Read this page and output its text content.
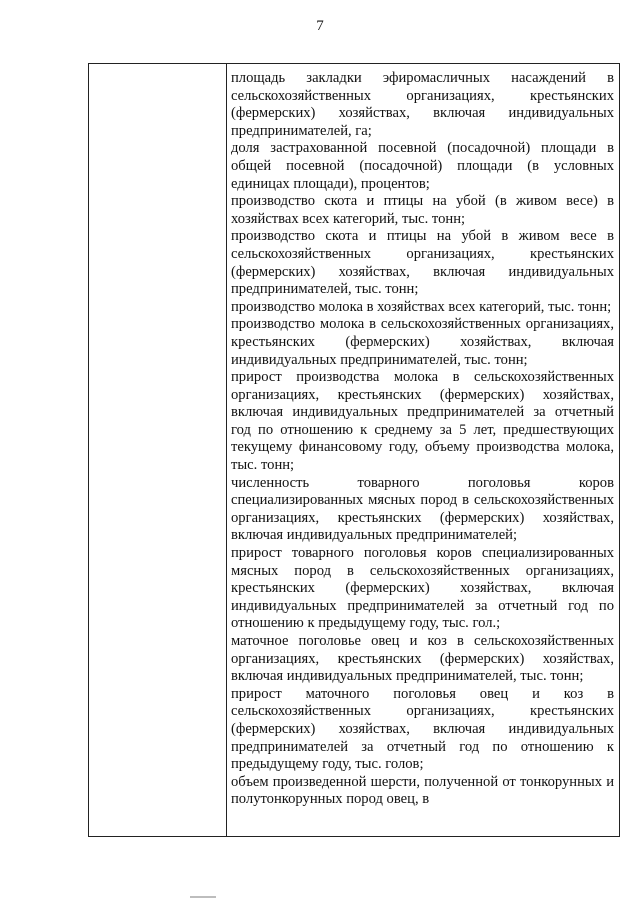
7

площадь закладки эфиромасличных насаждений в сельскохозяйственных организациях, крестьянских (фермерских) хозяйствах, включая индивидуальных предпринимателей, га;

доля застрахованной посевной (посадочной) площади в общей посевной (посадочной) площади (в условных единицах площади), процентов;

производство скота и птицы на убой (в живом весе) в хозяйствах всех категорий, тыс. тонн;

производство скота и птицы на убой в живом весе в сельскохозяйственных организациях, крестьянских (фермерских) хозяйствах, включая индивидуальных предпринимателей, тыс. тонн;

производство молока в хозяйствах всех категорий, тыс. тонн;

производство молока в сельскохозяйственных организациях, крестьянских (фермерских) хозяйствах, включая индивидуальных предпринимателей, тыс. тонн;

прирост производства молока в сельскохозяйственных организациях, крестьянских (фермерских) хозяйствах, включая индивидуальных предпринимателей за отчетный год по отношению к среднему за 5 лет, предшествующих текущему финансовому году, объему производства молока, тыс. тонн;

численность товарного поголовья коров специализированных мясных пород в сельскохозяйственных организациях, крестьянских (фермерских) хозяйствах, включая индивидуальных предпринимателей;

прирост товарного поголовья коров специализированных мясных пород в сельскохозяйственных организациях, крестьянских (фермерских) хозяйствах, включая индивидуальных предпринимателей за отчетный год по отношению к предыдущему году, тыс. гол.;

маточное поголовье овец и коз в сельскохозяйственных организациях, крестьянских (фермерских) хозяйствах, включая индивидуальных предпринимателей, тыс. тонн;

прирост маточного поголовья овец и коз в сельскохозяйственных организациях, крестьянских (фермерских) хозяйствах, включая индивидуальных предпринимателей за отчетный год по отношению к предыдущему году, тыс. голов;

объем произведенной шерсти, полученной от тонкорунных и полутонкорунных пород овец, в
